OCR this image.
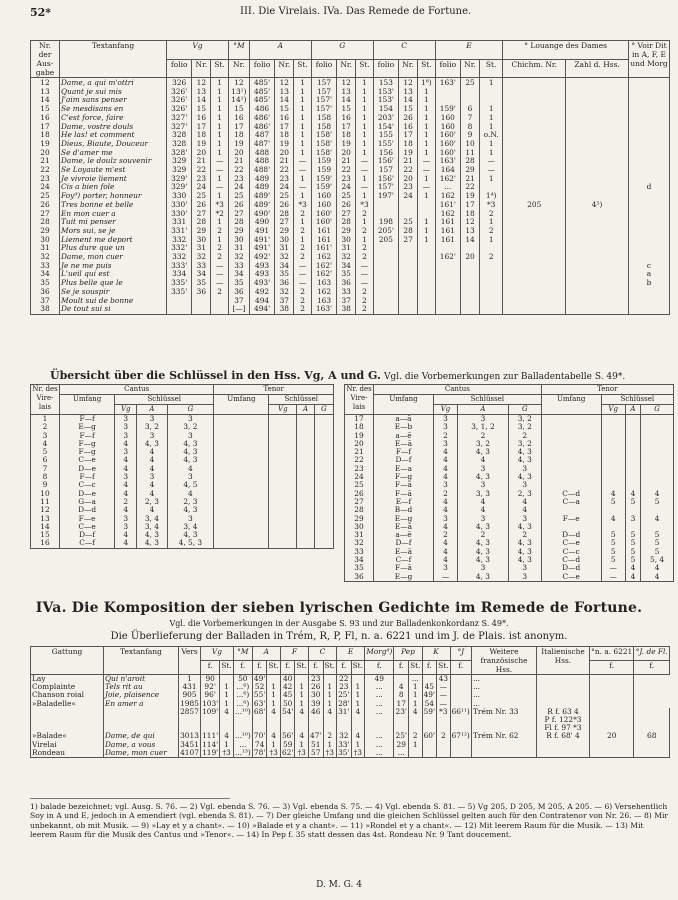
52*	III. Die Virelais. IVa. Das Remede de Fortune.
Nr. der Aus-gabe	Textanfang	Vg			°M	A			G			C			E			° Louange des Dames		° Voir Dit in A, F, E und Morg
		folio	Nr.	St.	Nr.	folio	Nr.	St.	folio	Nr.	St.	folio	Nr.	St.	folio	Nr.	St.	Chichm. Nr.	Zahl d. Hss.	
12	Dame, a qui m'ottri	326	12	1	12	485'	12	1	157	12	1	153	12	1⁸)	163'	25	1			
13	Quant je sui mis	326'	13	1	13¹)	485'	13	1	157	13	1	153'	13	1						
14	J'aim sans penser	326'	14	1	14¹)	485'	14	1	157'	14	1	153'	14	1						
15	Se mesdisans en	326'	15	1	15	486	15	1	157'	15	1	154	15	1	159'	6	1			
16	C'est force, faire	327'	16	1	16	486'	16	1	158	16	1	203'	26	1	160	7	1			
17	Dame, vostre douls	327'	17	1	17	486'	17	1	158	17	1	154'	16	1	160	8	1			
18	He las! et comment	328	18	1	18	487	18	1	158'	18	1	155	17	1	160'	9	o.N.			
19	Dieus, Biaute, Douceur	328	19	1	19	487'	19	1	158'	19	1	155'	18	1	160'	10	1			
20	Se d'amer me	328'	20	1	20	488	20	1	158'	20	1	156	19	1	160'	11	1			
21	Dame, le doulz souvenir	329	21	—	21	488	21	—	159	21	—	156'	21	—	163'	28	—			
22	Se Loyaute m'est	329	22	—	22	488'	22	—	159	22	—	157	22	—	164	29	—			
23	Je vivroie liement	329'	23	1	23	489	23	1	159'	23	1	156'	20	1	162'	21	1			
24	Cis a bien fole	329'	24	—	24	489	24	—	159'	24	—	157'	23	—	...	22				d
25	Foy⁹) porter, honneur	330	25	1	25	489'	25	1	160	25	1	197'	24	1	162	19	1⁴)			
26	Tres bonne et belle	330'	26	*3	26	489'	26	*3	160	26	*3				161'	17	*3	205	4⁵)	
27	En mon cuer a	330'	27	*2	27	490'	28	2	160'	27	2				162	18	2			
28	Tuit mi penser	331	28	1	28	490	27	1	160'	28	1	198	25	1	161	12	1			
29	Mors sui, se je	331'	29	2	29	491	29	2	161	29	2	205'	28	1	161	13	2			
30	Liement me deport	332	30	1	30	491'	30	1	161	30	1	205	27	1	161	14	1			
31	Plus dure que un	332'	31	2	31	491'	31	2	161'	31	2									
32	Dame, mon cuer	332	32	2	32	492'	32	2	162	32	2				162'	20	2			
33	Je ne me puis	333'	33	—	33	493	34	—	162'	34	—									c
34	L'ueil qui est	334	34	—	34	493	35	—	162'	35	—									a
35	Plus belle que le	335'	35	—	35	493'	36	—	163	36	—									b
36	Se je souspir	335'	36	2	36	492	32	2	162	33	2									
37	Moult sui de bonne				37	494	37	2	163	37	2									
38	De tout sui si				[—]	494'	38	2	163'	38	2									
Übersicht über die Schlüssel in den Hss. Vg, A und G. Vgl. die Vorbemerkungen zur Balladentabelle S. 49*.
Nr. des Vire-lais	Cantus				Tenor			
	Umfang	Schlüssel			Umfang	Schlüssel		
		Vg	A	G		Vg	A	G
1	F—f	3	3	3				
2	E—g	3	3, 2	3, 2				
3	F—f	3	3	3				
4	F—g	4	4, 3	4, 3				
5	F—g	3	4	4, 3				
6	C—e	4	4	4, 3				
7	D—e	4	4	4				
8	F—f	3	3	3				
9	C—c	4	4	4, 5				
10	D—e	4	4	4				
11	G—a	2	2, 3	2, 3				
12	D—d	4	4	4, 3				
13	F—e	3	3, 4	3				
14	C—e	3	3, 4	3, 4				
15	D—f	4	4, 3	4, 3				
16	C—f	4	4, 3	4, 5, 3				
Nr. des Vire-lais	Cantus				Tenor			
	Umfang	Schlüssel			Umfang	Schlüssel		
		Vg	A	G		Vg	A	G
17	a—ā	3	3	3, 2				
18	E—b	3	3, 1, 2	3, 2				
19	a—ē	2	2	2				
20	E—ā	3	3, 2	3, 2				
21	F—f	4	4, 3	4, 3				
22	D—f	4	4	4, 3				
23	E—a	4	3	3				
24	F—g	4	4, 3	4, 3				
25	F—ā	3	3	3				
26	F—ā	2	3, 3	2, 3	C—d	4	4	4
27	E—f	4	4	4	C—a	5	5	5
28	B—d	4	4	4				
29	E—g	3	3	3	F—e	4	3	4
30	E—ā	4	4, 3	4, 3				
31	a—ē	2	2	2	D—d	5	5	5
32	D—f	4	4, 3	4, 3	C—e	5	5	5
33	E—ā	4	4, 3	4, 3	C—c	5	5	5
34	C—f	4	4, 3	4, 3	C—d	5	5	5, 4
35	F—ā	3	3	3	D—d	—	4	4
36	E—g	—	4, 3	3	C—e	—	4	4
IVa. Die Komposition der sieben lyrischen Gedichte im Remede de Fortune.
Vgl. die Vorbemerkungen in der Ausgabe S. 93 und zur Balladenkonkordanz S. 49*.
Die Überlieferung der Balladen in Trém, R, P, Fl, n. a. 6221 und im J. de Plais. ist anonym.
Gattung	Textanfang	Vers	Vg		°M	A		F		C		E		Morg⁸)	Pep		K		°J	Weitere französische Hss.	Italienische Hss.	°n. a. 6221	°J. de Fl.
			f.	St.	f.	f.	St.	f.	St.	f.	St.	f.	St.	f.	f.	St.	f.	St.	f.			f.	f.
Lay	Qui n'aroit	1	90		50	49'		40		23		22		49		...		43		...			
Complainte	Tels rit au	431	92'	1	...⁶)	52	1	42	1	26	1	23	1	...	4	1	45	—		...			
Chanson roial	Joie, plaisence	905	96'	1	...⁶)	55'	1	45	1	30	1	25'	1	...	8	1	49'	—		...			
»Baladelle«	En amer a	1985	103'	1	...⁶)	63'	1	50	1	39	1	28'	1	...	17	1	54	—		...			
		2857	109'	4	...¹⁰)	68'	4	54'	4	46	4	31'	4	...	23'	4	59'	*3	66¹¹)	Trém Nr. 33	R f. 63 4		
																					P f. 122*3		
																					Fl f. 97 *3		
»Balade«	Dame, de qui	3013	111'	4	...¹⁰)	70'	4	56'	4	47'	2	32	4	...	25'	2	60'	2	67¹²)	Trém Nr. 62	R f. 68' 4	20	68
Virelai	Dame, a vous	3451	114'	1	...	74	1	59	1	51	1	33'	1	...	29	1							
Rondeau	Dame, mon cuer	4107	119'	†3	...¹³)	78'	†3	62'	†3	57	†3	35'	†3	...	...								
1) balade bezeichnet; vgl. Ausg. S. 76. — 2) Vgl. ebenda S. 76. — 3) Vgl. ebenda S. 75. — 4) Vgl. ebenda S. 81. — 5) Vg 205, D 205, M 205, A 205. — 6) Versehentlich Soy in A und E, jedoch in A emendiert (vgl. ebenda S. 81). — 7) Der gleiche Umfang und die gleichen Schlüssel gelten auch für den Contratenor von Nr. 26. — 8) Mir unbekannt, ob mit Musik. — 9) »Lay et y a chant«. — 10) »Balade et y a chant«. — 11) »Rondel et y a chant«. — 12) Mit leerem Raum für die Musik. — 13) Mit leerem Raum für die Musik des Cantus und »Tenor«. — 14) In Pep f. 35 statt dessen das 4st. Rondeau Nr. 9 Tant doucement.
D. M. G. 4
